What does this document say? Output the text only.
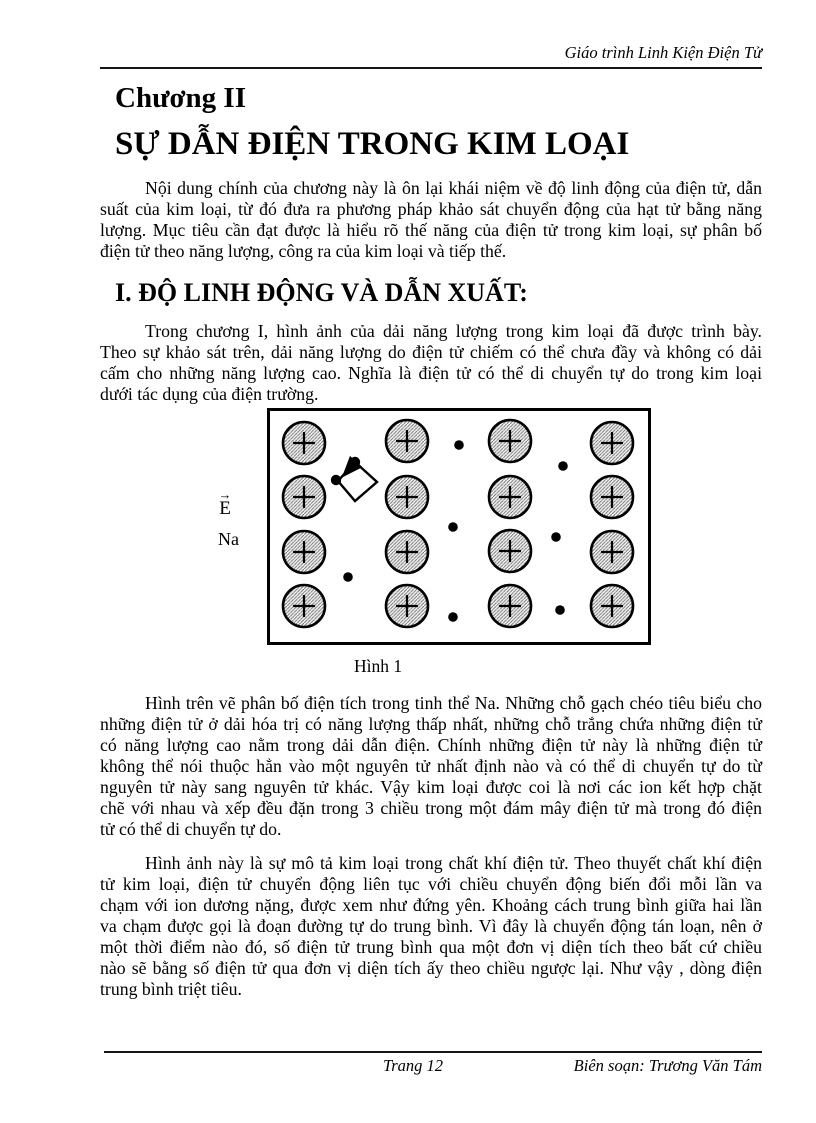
Giáo trình Linh Kiện Điện Tử
Chương II
SỰ DẪN ĐIỆN TRONG KIM LOẠI
Nội dung chính của chương này là ôn lại khái niệm về độ linh động của điện tử, dẫn
suất của kim loại, từ đó đưa ra phương pháp khảo sát chuyển động của hạt tử bằng năng
lượng. Mục tiêu cần đạt được là hiểu rõ thế năng của điện tử trong kim loại, sự phân bố
điện tử theo năng lượng, công ra của kim loại và tiếp thế.
I. ĐỘ LINH ĐỘNG VÀ DẪN XUẤT:
Trong chương I, hình ảnh của dải năng lượng trong kim loại đã được trình bày.
Theo sự khảo sát trên, dải năng lượng do điện tử chiếm có thể chưa đầy và không có dải
cấm cho những năng lượng cao. Nghĩa là điện tử có thể di chuyển tự do trong kim loại
dưới tác dụng của điện trường.
→
E
Na
Hình 1
Hình trên vẽ phân bố điện tích trong tinh thể Na. Những chỗ gạch chéo tiêu biểu cho
những điện tử ở dải hóa trị có năng lượng thấp nhất, những chỗ trắng chứa những điện tử
có năng lượng cao nằm trong dải dẫn điện. Chính những điện tử này là những điện tử
không thể nói thuộc hẳn vào một nguyên tử nhất định nào và có thể di chuyển tự do từ
nguyên tử này sang nguyên tử khác. Vậy kim loại được coi là nơi các ion kết hợp chặt
chẽ với nhau và xếp đều đặn trong 3 chiều trong một đám mây điện tử mà trong đó điện
tử có thể di chuyển tự do.
Hình ảnh này là sự mô tả kim loại trong chất khí điện tử. Theo thuyết chất khí điện
tử kim loại, điện tử chuyển động liên tục với chiều chuyển động biến đổi mỗi lần va
chạm với ion dương nặng, được xem như đứng yên. Khoảng cách trung bình giữa hai lần
va chạm được gọi là đoạn đường tự do trung bình. Vì đây là chuyển động tán loạn, nên ở
một thời điểm nào đó, số điện tử trung bình qua một đơn vị diện tích theo bất cứ chiều
nào sẽ bằng số điện tử qua đơn vị diện tích ấy theo chiều ngược lại. Như vậy , dòng điện
trung bình triệt tiêu.
Trang 12	Biên soạn: Trương Văn Tám
